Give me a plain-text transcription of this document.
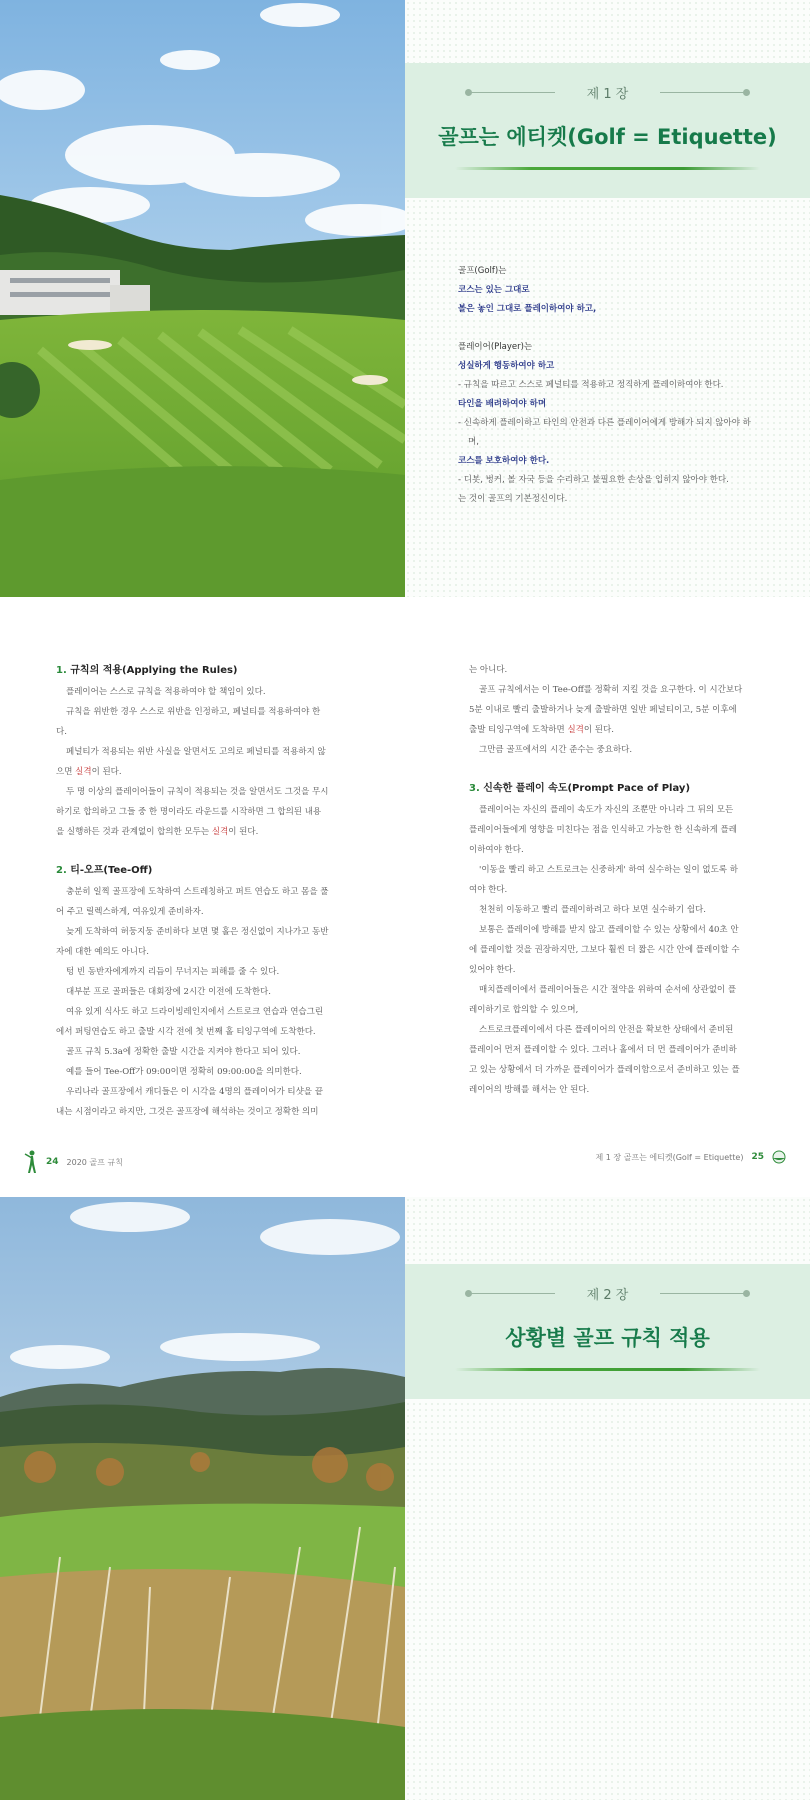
제 1 장
골프는 에티켓(Golf = Etiquette)
골프(Golf)는
코스는 있는 그대로
볼은 놓인 그대로 플레이하여야 하고,
플레이어(Player)는
성실하게 행동하여야 하고
- 규칙을 따르고 스스로 페널티를 적용하고 정직하게 플레이하여야 한다.
타인을 배려하여야 하며
- 신속하게 플레이하고 타인의 안전과 다른 플레이어에게 방해가 되지 않아야 하
며,
코스를 보호하여야 한다.
- 디봇, 벙커, 볼 자국 등을 수리하고 불필요한 손상을 입히지 않아야 한다.
는 것이 골프의 기본정신이다.
1. 규칙의 적용(Applying the Rules)

플레이어는 스스로 규칙을 적용하여야 할 책임이 있다.

규칙을 위반한 경우 스스로 위반을 인정하고, 페널티를 적용하여야 한

다.

페널티가 적용되는 위반 사실을 알면서도 고의로 페널티를 적용하지 않

으면 실격이 된다.

두 명 이상의 플레이어들이 규칙이 적용되는 것을 알면서도 그것을 무시

하기로 합의하고 그들 중 한 명이라도 라운드를 시작하면 그 합의된 내용

을 실행하든 것과 관계없이 합의한 모두는 실격이 된다.

2. 티-오프(Tee-Off)

충분히 일찍 골프장에 도착하여 스트레칭하고 퍼트 연습도 하고 몸을 풀

어 주고 릴렉스하게, 여유있게 준비하자.

늦게 도착하여 허둥지둥 준비하다 보면 몇 홀은 정신없이 지나가고 동반

자에 대한 예의도 아니다.

텅 빈 동반자에게까지 리듬이 무너지는 피해를 줄 수 있다.

대부분 프로 골퍼들은 대회장에 2시간 이전에 도착한다.

여유 있게 식사도 하고 드라이빙레인지에서 스트로크 연습과 연습그린

에서 퍼팅연습도 하고 출발 시각 전에 첫 번째 홀 티잉구역에 도착한다.

골프 규칙 5.3a에 정확한 출발 시간을 지켜야 한다고 되어 있다.

예를 들어 Tee-Off가 09:00이면 정확히 09:00:00을 의미한다.

우리나라 골프장에서 캐디들은 이 시각을 4명의 플레이어가 티샷을 끝

내는 시점이라고 하지만, 그것은 골프장에 해석하는 것이고 정확한 의미

는 아니다.

골프 규칙에서는 이 Tee-Off를 정확히 지킬 것을 요구한다. 이 시간보다

5분 이내로 빨리 출발하거나 늦게 출발하면 일반 페널티이고, 5분 이후에

출발 티잉구역에 도착하면 실격이 된다.

그만큼 골프에서의 시간 준수는 중요하다.

3. 신속한 플레이 속도(Prompt Pace of Play)

플레이어는 자신의 플레이 속도가 자신의 조뿐만 아니라 그 뒤의 모든

플레이어들에게 영향을 미친다는 점을 인식하고 가능한 한 신속하게 플레

이하여야 한다.

'이동을 빨리 하고 스트로크는 신중하게' 하여 실수하는 일이 없도록 하

여야 한다.

천천히 이동하고 빨리 플레이하려고 하다 보면 실수하기 쉽다.

보통은 플레이에 방해를 받지 않고 플레이할 수 있는 상황에서 40초 안

에 플레이할 것을 권장하지만, 그보다 훨씬 더 짧은 시간 안에 플레이할 수

있어야 한다.

매치플레이에서 플레이어들은 시간 절약을 위하여 순서에 상관없이 플

레이하기로 합의할 수 있으며,

스트로크플레이에서 다른 플레이어의 안전을 확보한 상태에서 준비된

플레이어 먼저 플레이할 수 있다. 그러나 홀에서 더 먼 플레이어가 준비하

고 있는 상황에서 더 가까운 플레이어가 플레이함으로서 준비하고 있는 플

레이어의 방해를 해서는 안 된다.

24 2020 골프 규칙
제 1 장 골프는 에티켓(Golf = Etiquette) 25
제 2 장
상황별 골프 규칙 적용
